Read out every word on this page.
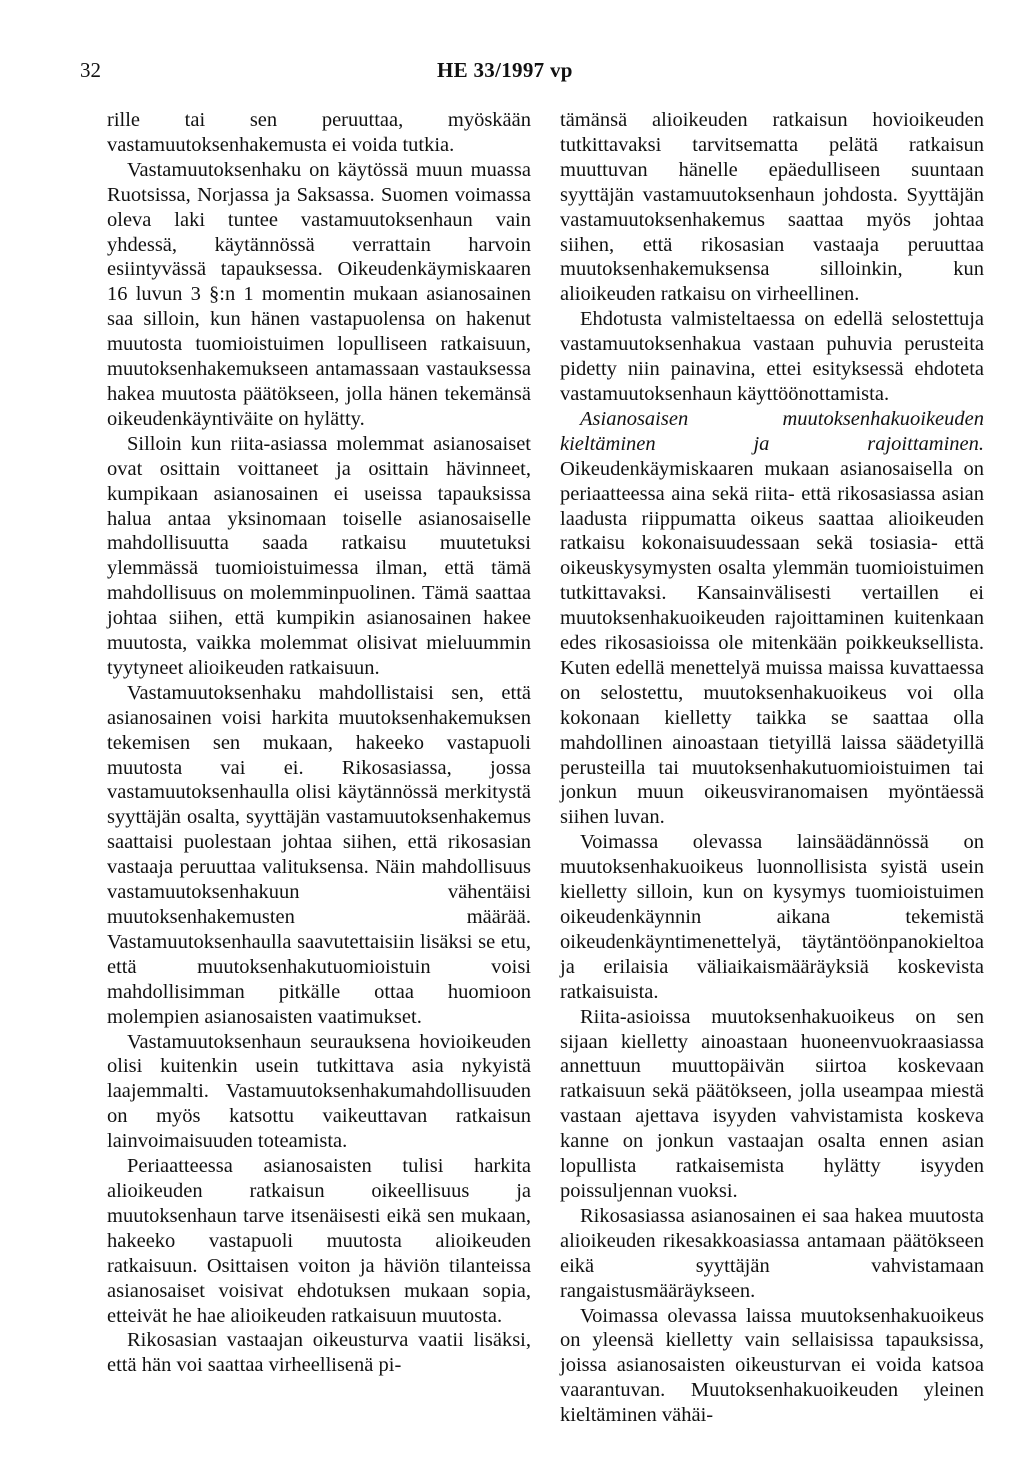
32	HE 33/1997 vp

rille tai sen peruuttaa, myöskään vastamuutoksenhakemusta ei voida tutkia.

Vastamuutoksenhaku on käytössä muun muassa Ruotsissa, Norjassa ja Saksassa. Suomen voimassa oleva laki tuntee vastamuutoksenhaun vain yhdessä, käytännössä verrattain harvoin esiintyvässä tapauksessa. Oikeudenkäymiskaaren 16 luvun 3 §:n 1 momentin mukaan asianosainen saa silloin, kun hänen vastapuolensa on hakenut muutosta tuomioistuimen lopulliseen ratkaisuun, muutoksenhakemukseen antamassaan vastauksessa hakea muutosta päätökseen, jolla hänen tekemänsä oikeudenkäyntiväite on hylätty.

Silloin kun riita-asiassa molemmat asianosaiset ovat osittain voittaneet ja osittain hävinneet, kumpikaan asianosainen ei useissa tapauksissa halua antaa yksinomaan toiselle asianosaiselle mahdollisuutta saada ratkaisu muutetuksi ylemmässä tuomioistuimessa ilman, että tämä mahdollisuus on molemminpuolinen. Tämä saattaa johtaa siihen, että kumpikin asianosainen hakee muutosta, vaikka molemmat olisivat mieluummin tyytyneet alioikeuden ratkaisuun.

Vastamuutoksenhaku mahdollistaisi sen, että asianosainen voisi harkita muutoksenhakemuksen tekemisen sen mukaan, hakeeko vastapuoli muutosta vai ei. Rikosasiassa, jossa vastamuutoksenhaulla olisi käytännössä merkitystä syyttäjän osalta, syyttäjän vastamuutoksenhakemus saattaisi puolestaan johtaa siihen, että rikosasian vastaaja peruuttaa valituksensa. Näin mahdollisuus vastamuutoksenhakuun vähentäisi muutoksenhakemusten määrää. Vastamuutoksenhaulla saavutettaisiin lisäksi se etu, että muutoksenhakutuomioistuin voisi mahdollisimman pitkälle ottaa huomioon molempien asianosaisten vaatimukset.

Vastamuutoksenhaun seurauksena hovioikeuden olisi kuitenkin usein tutkittava asia nykyistä laajemmalti. Vastamuutoksenhakumahdollisuuden on myös katsottu vaikeuttavan ratkaisun lainvoimaisuuden toteamista.

Periaatteessa asianosaisten tulisi harkita alioikeuden ratkaisun oikeellisuus ja muutoksenhaun tarve itsenäisesti eikä sen mukaan, hakeeko vastapuoli muutosta alioikeuden ratkaisuun. Osittaisen voiton ja häviön tilanteissa asianosaiset voisivat ehdotuksen mukaan sopia, etteivät he hae alioikeuden ratkaisuun muutosta.

Rikosasian vastaajan oikeusturva vaatii lisäksi, että hän voi saattaa virheellisenä pi-

tämänsä alioikeuden ratkaisun hovioikeuden tutkittavaksi tarvitsematta pelätä ratkaisun muuttuvan hänelle epäedulliseen suuntaan syyttäjän vastamuutoksenhaun johdosta. Syyttäjän vastamuutoksenhakemus saattaa myös johtaa siihen, että rikosasian vastaaja peruuttaa muutoksenhakemuksensa silloinkin, kun alioikeuden ratkaisu on virheellinen.

Ehdotusta valmisteltaessa on edellä selostettuja vastamuutoksenhakua vastaan puhuvia perusteita pidetty niin painavina, ettei esityksessä ehdoteta vastamuutoksenhaun käyttöönottamista.

Asianosaisen muutoksenhakuoikeuden kieltäminen ja rajoittaminen. Oikeudenkäymiskaaren mukaan asianosaisella on periaatteessa aina sekä riita- että rikosasiassa asian laadusta riippumatta oikeus saattaa alioikeuden ratkaisu kokonaisuudessaan sekä tosiasia- että oikeuskysymysten osalta ylemmän tuomioistuimen tutkittavaksi. Kansainvälisesti vertaillen ei muutoksenhakuoikeuden rajoittaminen kuitenkaan edes rikosasioissa ole mitenkään poikkeuksellista. Kuten edellä menettelyä muissa maissa kuvattaessa on selostettu, muutoksenhakuoikeus voi olla kokonaan kielletty taikka se saattaa olla mahdollinen ainoastaan tietyillä laissa säädetyillä perusteilla tai muutoksenhakutuomioistuimen tai jonkun muun oikeusviranomaisen myöntäessä siihen luvan.

Voimassa olevassa lainsäädännössä on muutoksenhakuoikeus luonnollisista syistä usein kielletty silloin, kun on kysymys tuomioistuimen oikeudenkäynnin aikana tekemistä oikeudenkäyntimenettelyä, täytäntöönpanokieltoa ja erilaisia väliaikaismääräyksiä koskevista ratkaisuista.

Riita-asioissa muutoksenhakuoikeus on sen sijaan kielletty ainoastaan huoneenvuokraasiassa annettuun muuttopäivän siirtoa koskevaan ratkaisuun sekä päätökseen, jolla useampaa miestä vastaan ajettava isyyden vahvistamista koskeva kanne on jonkun vastaajan osalta ennen asian lopullista ratkaisemista hylätty isyyden poissuljennan vuoksi.

Rikosasiassa asianosainen ei saa hakea muutosta alioikeuden rikesakkoasiassa antamaan päätökseen eikä syyttäjän vahvistamaan rangaistusmääräykseen.

Voimassa olevassa laissa muutoksenhakuoikeus on yleensä kielletty vain sellaisissa tapauksissa, joissa asianosaisten oikeusturvan ei voida katsoa vaarantuvan. Muutoksenhakuoikeuden yleinen kieltäminen vähäi-
